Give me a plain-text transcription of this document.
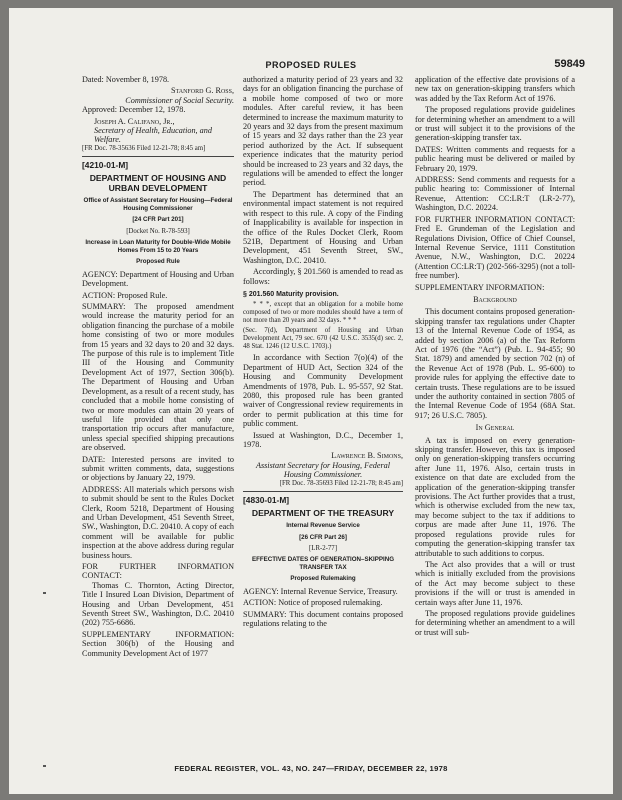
PROPOSED RULES	59849

Dated: November 8, 1978.

Stanford G. Ross,
Commissioner of Social Security.

Approved: December 12, 1978.

Joseph A. Califano, Jr.,
Secretary of Health, Education, and Welfare.

[FR Doc. 78-35636 Filed 12-21-78; 8:45 am]

[4210-01-M]
DEPARTMENT OF HOUSING AND URBAN DEVELOPMENT
Office of Assistant Secretary for Housing—Federal Housing Commissioner
[24 CFR Part 201]
[Docket No. R-78-593]
Increase in Loan Maturity for Double-Wide Mobile Homes From 15 to 20 Years
Proposed Rule

AGENCY: Department of Housing and Urban Development.

ACTION: Proposed Rule.

SUMMARY: The proposed amendment would increase the maturity period for an obligation financing the purchase of a mobile home consisting of two or more modules from 15 years and 32 days to 20 and 32 days. The purpose of this rule is to implement Title III of the Housing and Community Development Act of 1977, Section 306(b). The Department of Housing and Urban Development, as a result of a recent study, has concluded that a mobile home consisting of two or more modules can attain 20 years of useful life provided that only one transportation trip occurs after manufacture, unless special specified shipping precautions are observed.

DATE: Interested persons are invited to submit written comments, data, suggestions or objections by January 22, 1979.

ADDRESS: All materials which persons wish to submit should be sent to the Rules Docket Clerk, Room 5218, Department of Housing and Urban Development, 451 Seventh Street, SW., Washington, D.C. 20410. A copy of each comment will be available for public inspection at the above address during regular business hours.

FOR FURTHER INFORMATION CONTACT:

Thomas C. Thornton, Acting Director, Title I Insured Loan Division, Department of Housing and Urban Development, 451 Seventh Street SW., Washington, D.C. 20410 (202) 755-6686.

SUPPLEMENTARY INFORMATION: Section 306(b) of the Housing and Community Development Act of 1977

authorized a maturity period of 23 years and 32 days for an obligation financing the purchase of a mobile home composed of two or more modules. After careful review, it has been determined to increase the maximum maturity to 20 years and 32 days from the present maximum of 15 years and 32 days rather than the 23 year period authorized by the Act. If subsequent experience indicates that the maturity period should be increased to 23 years and 32 days, the regulations will be amended to effect the longer period.

The Department has determined that an environmental impact statement is not required with respect to this rule. A copy of the Finding of Inapplicability is available for inspection in the office of the Rules Docket Clerk, Room 521B, Department of Housing and Urban Development, 451 Seventh Street, SW., Washington, D.C. 20410.

Accordingly, § 201.560 is amended to read as follows:

§ 201.560 Maturity provision.

* * *, except that an obligation for a mobile home composed of two or more modules should have a term of not more than 20 years and 32 days. * * *

(Sec. 7(d), Department of Housing and Urban Development Act, 79 sec. 670 (42 U.S.C. 3535(d) sec. 2, 48 Stat. 1246 (12 U.S.C. 1703).)

In accordance with Section 7(o)(4) of the Department of HUD Act, Section 324 of the Housing and Community Development Amendments of 1978, Pub. L. 95-557, 92 Stat. 2080, this proposed rule has been granted waiver of Congressional review requirements in order to permit publication at this time for public comment.

Issued at Washington, D.C., December 1, 1978.

Lawrence B. Simons,
Assistant Secretary for Housing, Federal Housing Commissioner.

[FR Doc. 78-35693 Filed 12-21-78; 8:45 am]

[4830-01-M]
DEPARTMENT OF THE TREASURY
Internal Revenue Service
[26 CFR Part 26]
[LR-2-77]
EFFECTIVE DATES OF GENERATION–SKIPPING TRANSFER TAX
Proposed Rulemaking

AGENCY: Internal Revenue Service, Treasury.

ACTION: Notice of proposed rulemaking.

SUMMARY: This document contains proposed regulations relating to the

application of the effective date provisions of a new tax on generation-skipping transfers which was added by the Tax Reform Act of 1976.

The proposed regulations provide guidelines for determining whether an amendment to a will or trust will subject it to the provisions of the generation-skipping transfer tax.

DATES: Written comments and requests for a public hearing must be delivered or mailed by February 20, 1979.

ADDRESS: Send comments and requests for a public hearing to: Commissioner of Internal Revenue, Attention: CC:LR:T (LR-2-77), Washington, D.C. 20224.

FOR FURTHER INFORMATION CONTACT: Fred E. Grundeman of the Legislation and Regulations Division, Office of Chief Counsel, Internal Revenue Service, 1111 Constitution Avenue, N.W., Washington, D.C. 20224 (Attention CC:LR:T) (202-566-3295) (not a toll-free number).

SUPPLEMENTARY INFORMATION:

Background

This document contains proposed generation-skipping transfer tax regulations under Chapter 13 of the Internal Revenue Code of 1954, as added by section 2006 (a) of the Tax Reform Act of 1976 (the “Act”) (Pub. L. 94-455; 90 Stat. 1879) and amended by section 702 (n) of the Revenue Act of 1978 (Pub. L. 95-600) to provide rules for applying the effective date to certain trusts. These regulations are to be issued under the authority contained in section 7805 of the Internal Revenue Code of 1954 (68A Stat. 917; 26 U.S.C. 7805).

In General

A tax is imposed on every generation-skipping transfer. However, this tax is imposed only on generation-skipping transfers occurring after June 11, 1976. Also, certain trusts in existence on that date are excluded from the application of the generation-skipping transfer provisions. The Act further provides that a trust, which is otherwise excluded from the new tax, may become subject to the tax if additions to corpus are made after June 11, 1976. The proposed regulations provide rules for computing the generation-skipping transfer tax attributable to such additions to corpus.

The Act also provides that a will or trust which is initially excluded from the provisions of the Act may become subject to these provisions if the will or trust is amended in certain ways after June 11, 1976.

The proposed regulations provide guidelines for determining whether an amendment to a will or trust will sub-

FEDERAL REGISTER, VOL. 43, NO. 247—FRIDAY, DECEMBER 22, 1978
